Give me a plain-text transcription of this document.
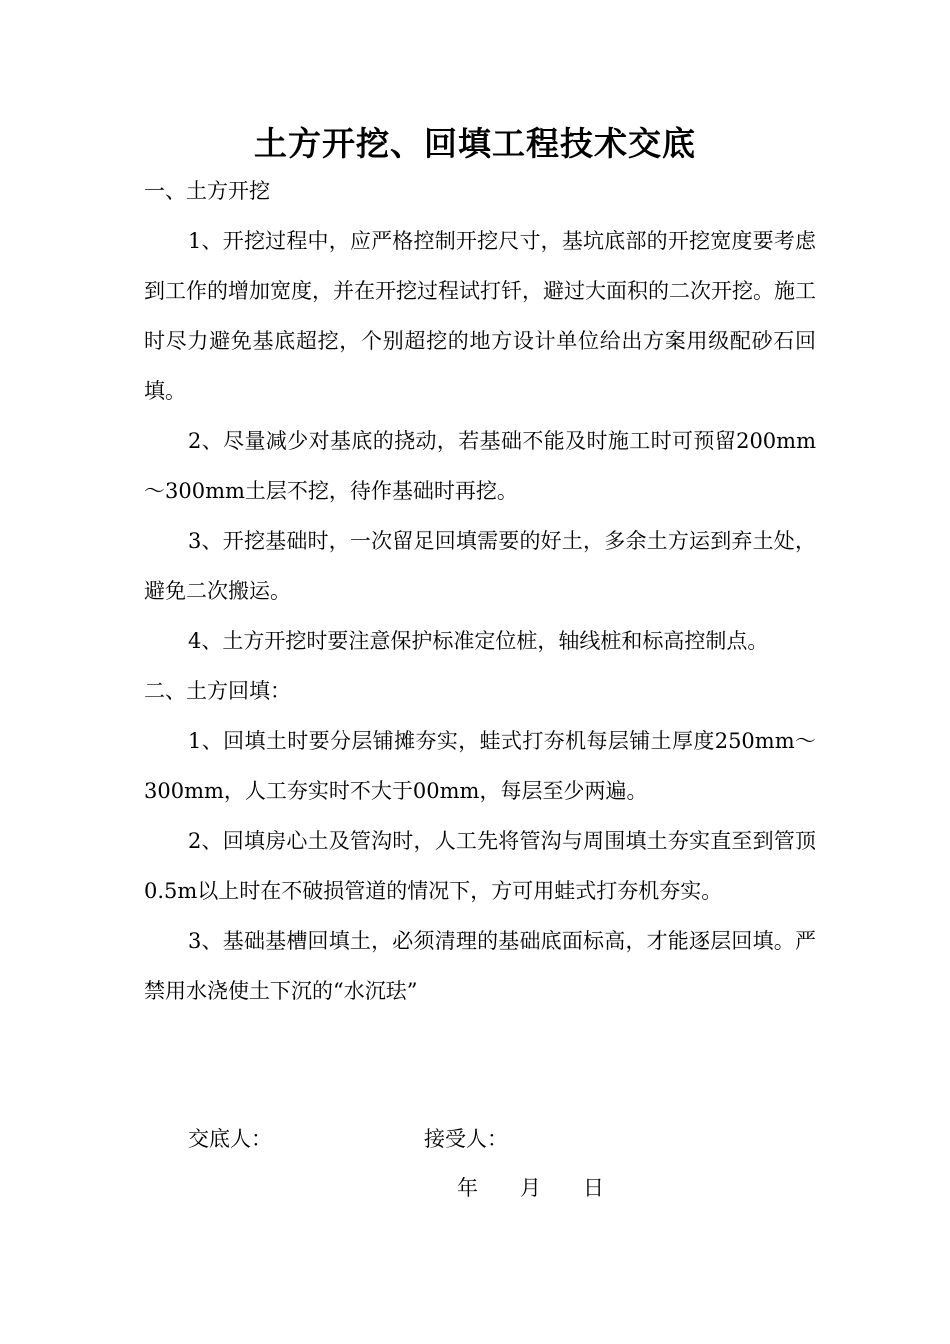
土方开挖、回填工程技术交底

一、土方开挖

1、开挖过程中，应严格控制开挖尺寸，基坑底部的开挖宽度要考虑到工作的增加宽度，并在开挖过程试打钎，避过大面积的二次开挖。施工时尽力避免基底超挖，个别超挖的地方设计单位给出方案用级配砂石回填。

2、尽量减少对基底的挠动，若基础不能及时施工时可预留200mm～300mm土层不挖，待作基础时再挖。

3、开挖基础时，一次留足回填需要的好土，多余土方运到弃土处，避免二次搬运。

4、土方开挖时要注意保护标准定位桩，轴线桩和标高控制点。

二、土方回填：

1、回填土时要分层铺摊夯实，蛙式打夯机每层铺土厚度250mm～300mm，人工夯实时不大于00mm，每层至少两遍。

2、回填房心土及管沟时，人工先将管沟与周围填土夯实直至到管顶0.5m以上时在不破损管道的情况下，方可用蛙式打夯机夯实。

3、基础基槽回填土，必须清理的基础底面标高，才能逐层回填。严禁用水浇使土下沉的“水沉珐”

交底人：	接受人：
年　　月　　日
